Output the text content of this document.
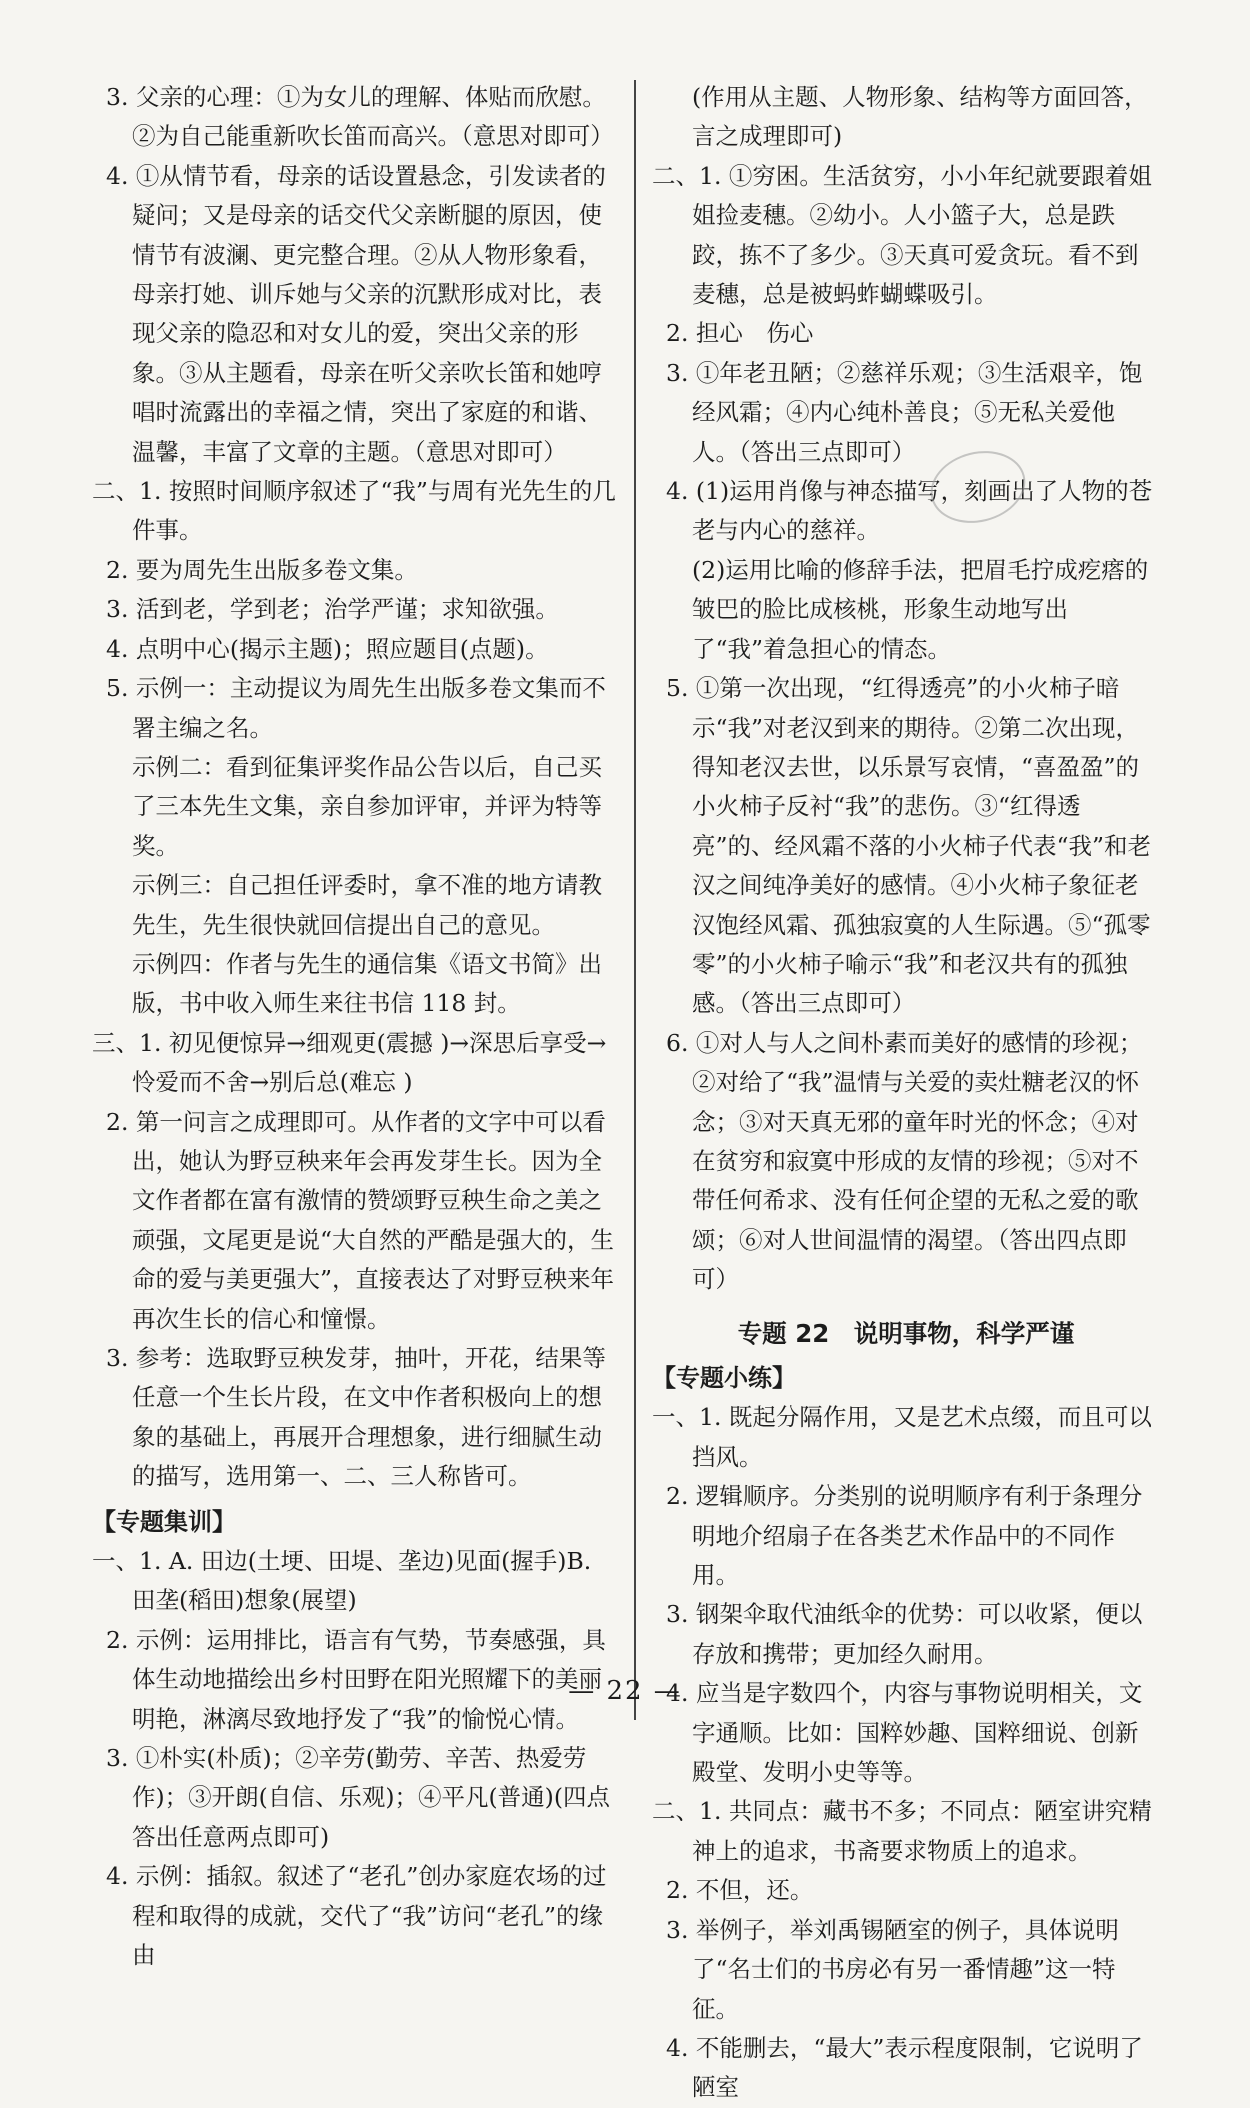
3. 父亲的心理：①为女儿的理解、体贴而欣慰。②为自己能重新吹长笛而高兴。（意思对即可）

4. ①从情节看，母亲的话设置悬念，引发读者的疑问；又是母亲的话交代父亲断腿的原因，使情节有波澜、更完整合理。②从人物形象看，母亲打她、训斥她与父亲的沉默形成对比，表现父亲的隐忍和对女儿的爱，突出父亲的形象。③从主题看，母亲在听父亲吹长笛和她哼唱时流露出的幸福之情，突出了家庭的和谐、温馨，丰富了文章的主题。（意思对即可）

二、1. 按照时间顺序叙述了“我”与周有光先生的几件事。

2. 要为周先生出版多卷文集。

3. 活到老，学到老；治学严谨；求知欲强。

4. 点明中心(揭示主题)；照应题目(点题)。

5. 示例一：主动提议为周先生出版多卷文集而不署主编之名。

示例二：看到征集评奖作品公告以后，自己买了三本先生文集，亲自参加评审，并评为特等奖。

示例三：自己担任评委时，拿不准的地方请教先生，先生很快就回信提出自己的意见。

示例四：作者与先生的通信集《语文书简》出版，书中收入师生来往书信 118 封。

三、1. 初见便惊异→细观更(震撼 )→深思后享受→怜爱而不舍→别后总(难忘 )

2. 第一问言之成理即可。从作者的文字中可以看出，她认为野豆秧来年会再发芽生长。因为全文作者都在富有激情的赞颂野豆秧生命之美之顽强，文尾更是说“大自然的严酷是强大的，生命的爱与美更强大”，直接表达了对野豆秧来年再次生长的信心和憧憬。

3. 参考：选取野豆秧发芽，抽叶，开花，结果等任意一个生长片段，在文中作者积极向上的想象的基础上，再展开合理想象，进行细腻生动的描写，选用第一、二、三人称皆可。

【专题集训】

一、1. A. 田边(土埂、田堤、垄边)见面(握手)B. 田垄(稻田)想象(展望)

2. 示例：运用排比，语言有气势，节奏感强，具体生动地描绘出乡村田野在阳光照耀下的美丽明艳，淋漓尽致地抒发了“我”的愉悦心情。

3. ①朴实(朴质)；②辛劳(勤劳、辛苦、热爱劳作)；③开朗(自信、乐观)；④平凡(普通)(四点答出任意两点即可)

4. 示例：插叙。叙述了“老孔”创办家庭农场的过程和取得的成就，交代了“我”访问“老孔”的缘由

(作用从主题、人物形象、结构等方面回答，言之成理即可)

二、1. ①穷困。生活贫穷，小小年纪就要跟着姐姐捡麦穗。②幼小。人小篮子大，总是跌跤，拣不了多少。③天真可爱贪玩。看不到麦穗，总是被蚂蚱蝴蝶吸引。

2. 担心　伤心

3. ①年老丑陋；②慈祥乐观；③生活艰辛，饱经风霜；④内心纯朴善良；⑤无私关爱他人。（答出三点即可）

4. (1)运用肖像与神态描写，刻画出了人物的苍老与内心的慈祥。

(2)运用比喻的修辞手法，把眉毛拧成疙瘩的皱巴的脸比成核桃，形象生动地写出了“我”着急担心的情态。

5. ①第一次出现，“红得透亮”的小火柿子暗示“我”对老汉到来的期待。②第二次出现，得知老汉去世，以乐景写哀情，“喜盈盈”的小火柿子反衬“我”的悲伤。③“红得透亮”的、经风霜不落的小火柿子代表“我”和老汉之间纯净美好的感情。④小火柿子象征老汉饱经风霜、孤独寂寞的人生际遇。⑤“孤零零”的小火柿子喻示“我”和老汉共有的孤独感。（答出三点即可）

6. ①对人与人之间朴素而美好的感情的珍视；②对给了“我”温情与关爱的卖灶糖老汉的怀念；③对天真无邪的童年时光的怀念；④对在贫穷和寂寞中形成的友情的珍视；⑤对不带任何希求、没有任何企望的无私之爱的歌颂；⑥对人世间温情的渴望。（答出四点即可）

专题 22　说明事物，科学严谨

【专题小练】

一、1. 既起分隔作用，又是艺术点缀，而且可以挡风。

2. 逻辑顺序。分类别的说明顺序有利于条理分明地介绍扇子在各类艺术作品中的不同作用。

3. 钢架伞取代油纸伞的优势：可以收紧，便以存放和携带；更加经久耐用。

4. 应当是字数四个，内容与事物说明相关，文字通顺。比如：国粹妙趣、国粹细说、创新殿堂、发明小史等等。

二、1. 共同点：藏书不多；不同点：陋室讲究精神上的追求，书斋要求物质上的追求。

2. 不但，还。

3. 举例子，举刘禹锡陋室的例子，具体说明了“名士们的书房必有另一番情趣”这一特征。

4. 不能删去，“最大”表示程度限制，它说明了陋室

— 22 —
